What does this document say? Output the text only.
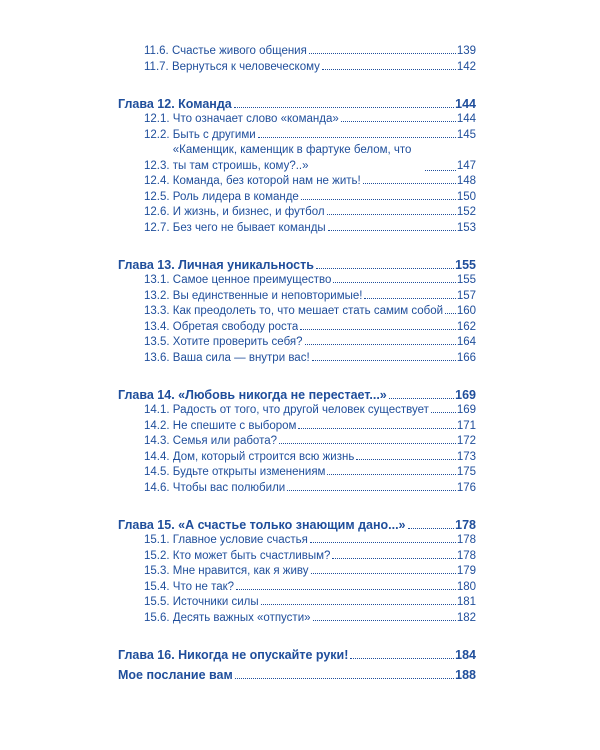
11.6.
Счастье живого общения	139
11.7.
Вернуться к человеческому	142
Глава 12. Команда	144
12.1.
Что означает слово «команда»	144
12.2.
Быть с другими	145
12.3.

«Каменщик, каменщик в фартуке белом, что ты там строишь, кому?..»	147
12.4.
Команда, без которой нам не жить!	148
12.5.
Роль лидера в команде	150
12.6.
И жизнь, и бизнес, и футбол	152
12.7.
Без чего не бывает команды	153
Глава 13. Личная уникальность	155
13.1.
Самое ценное преимущество	155
13.2.
Вы единственные и неповторимые!	157
13.3.
Как преодолеть то, что мешает стать самим собой 160
13.4.
Обретая свободу роста	162
13.5.
Хотите проверить себя?	164
13.6.
Ваша сила — внутри вас!	166
Глава 14. «Любовь никогда не перестает...»	169
14.1.
Радость от того, что другой человек существует 169
14.2.
Не спешите с выбором	171
14.3.
Семья или работа?	172
14.4.
Дом, который строится всю жизнь	173
14.5.
Будьте открыты изменениям	175
14.6.
Чтобы вас полюбили	176
Глава 15. «А счастье только знающим дано...»	178
15.1.
Главное условие счастья	178
15.2.
Кто может быть счастливым?	178
15.3.
Мне нравится, как я живу	179
15.4.
Что не так?	180
15.5.
Источники силы	181
15.6.
Десять важных «отпусти»	182
Глава 16. Никогда не опускайте руки!	184
Мое послание вам	188
